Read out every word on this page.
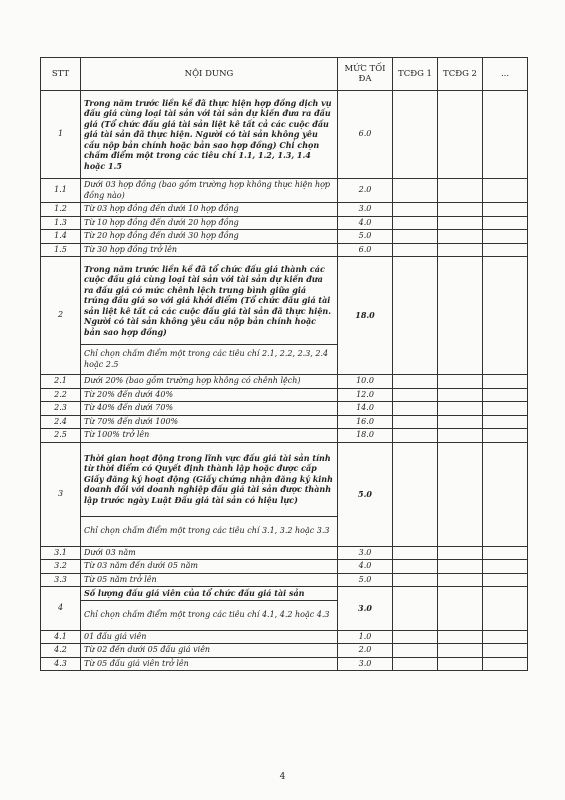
STT	NỘI DUNG	MỨC TỐI ĐA	TCĐG 1	TCĐG 2	...
1	Trong năm trước liền kề đã thực hiện hợp đồng dịch vụ đấu giá cùng loại tài sản với tài sản dự kiến đưa ra đấu giá (Tổ chức đấu giá tài sản liệt kê tất cả các cuộc đấu giá tài sản đã thực hiện. Người có tài sản không yêu cầu nộp bản chính hoặc bản sao hợp đồng) Chỉ chọn chấm điểm một trong các tiêu chí 1.1, 1.2, 1.3, 1.4 hoặc 1.5	6.0			
1.1	Dưới 03 hợp đồng (bao gồm trường hợp không thực hiện hợp đồng nào)	2.0			
1.2	Từ 03 hợp đồng đến dưới 10 hợp đồng	3.0			
1.3	Từ 10 hợp đồng đến dưới 20 hợp đồng	4.0			
1.4	Từ 20 hợp đồng đến dưới 30 hợp đồng	5.0			
1.5	Từ 30 hợp đồng trở lên	6.0			
2	Trong năm trước liền kề đã tổ chức đấu giá thành các cuộc đấu giá cùng loại tài sản với tài sản dự kiến đưa ra đấu giá có mức chênh lệch trung bình giữa giá trúng đấu giá so với giá khởi điểm (Tổ chức đấu giá tài sản liệt kê tất cả các cuộc đấu giá tài sản đã thực hiện. Người có tài sản không yêu cầu nộp bản chính hoặc bản sao hợp đồng)	18.0			
	Chỉ chọn chấm điểm một trong các tiêu chí 2.1, 2.2, 2.3, 2.4 hoặc 2.5				
2.1	Dưới 20% (bao gồm trường hợp không có chênh lệch)	10.0			
2.2	Từ 20% đến dưới 40%	12.0			
2.3	Từ 40% đến dưới 70%	14.0			
2.4	Từ 70% đến dưới 100%	16.0			
2.5	Từ 100% trở lên	18.0			
3	Thời gian hoạt động trong lĩnh vực đấu giá tài sản tính từ thời điểm có Quyết định thành lập hoặc được cấp Giấy đăng ký hoạt động (Giấy chứng nhận đăng ký kinh doanh đối với doanh nghiệp đấu giá tài sản được thành lập trước ngày Luật Đấu giá tài sản có hiệu lực)	5.0			
	Chỉ chọn chấm điểm một trong các tiêu chí 3.1, 3.2 hoặc 3.3				
3.1	Dưới 03 năm	3.0			
3.2	Từ 03 năm đến dưới 05 năm	4.0			
3.3	Từ 05 năm trở lên	5.0			
4	Số lượng đấu giá viên của tổ chức đấu giá tài sản	3.0			
	Chỉ chọn chấm điểm một trong các tiêu chí 4.1, 4.2 hoặc 4.3				
4.1	01 đấu giá viên	1.0			
4.2	Từ 02 đến dưới 05 đấu giá viên	2.0			
4.3	Từ 05 đấu giá viên trở lên	3.0			
4
